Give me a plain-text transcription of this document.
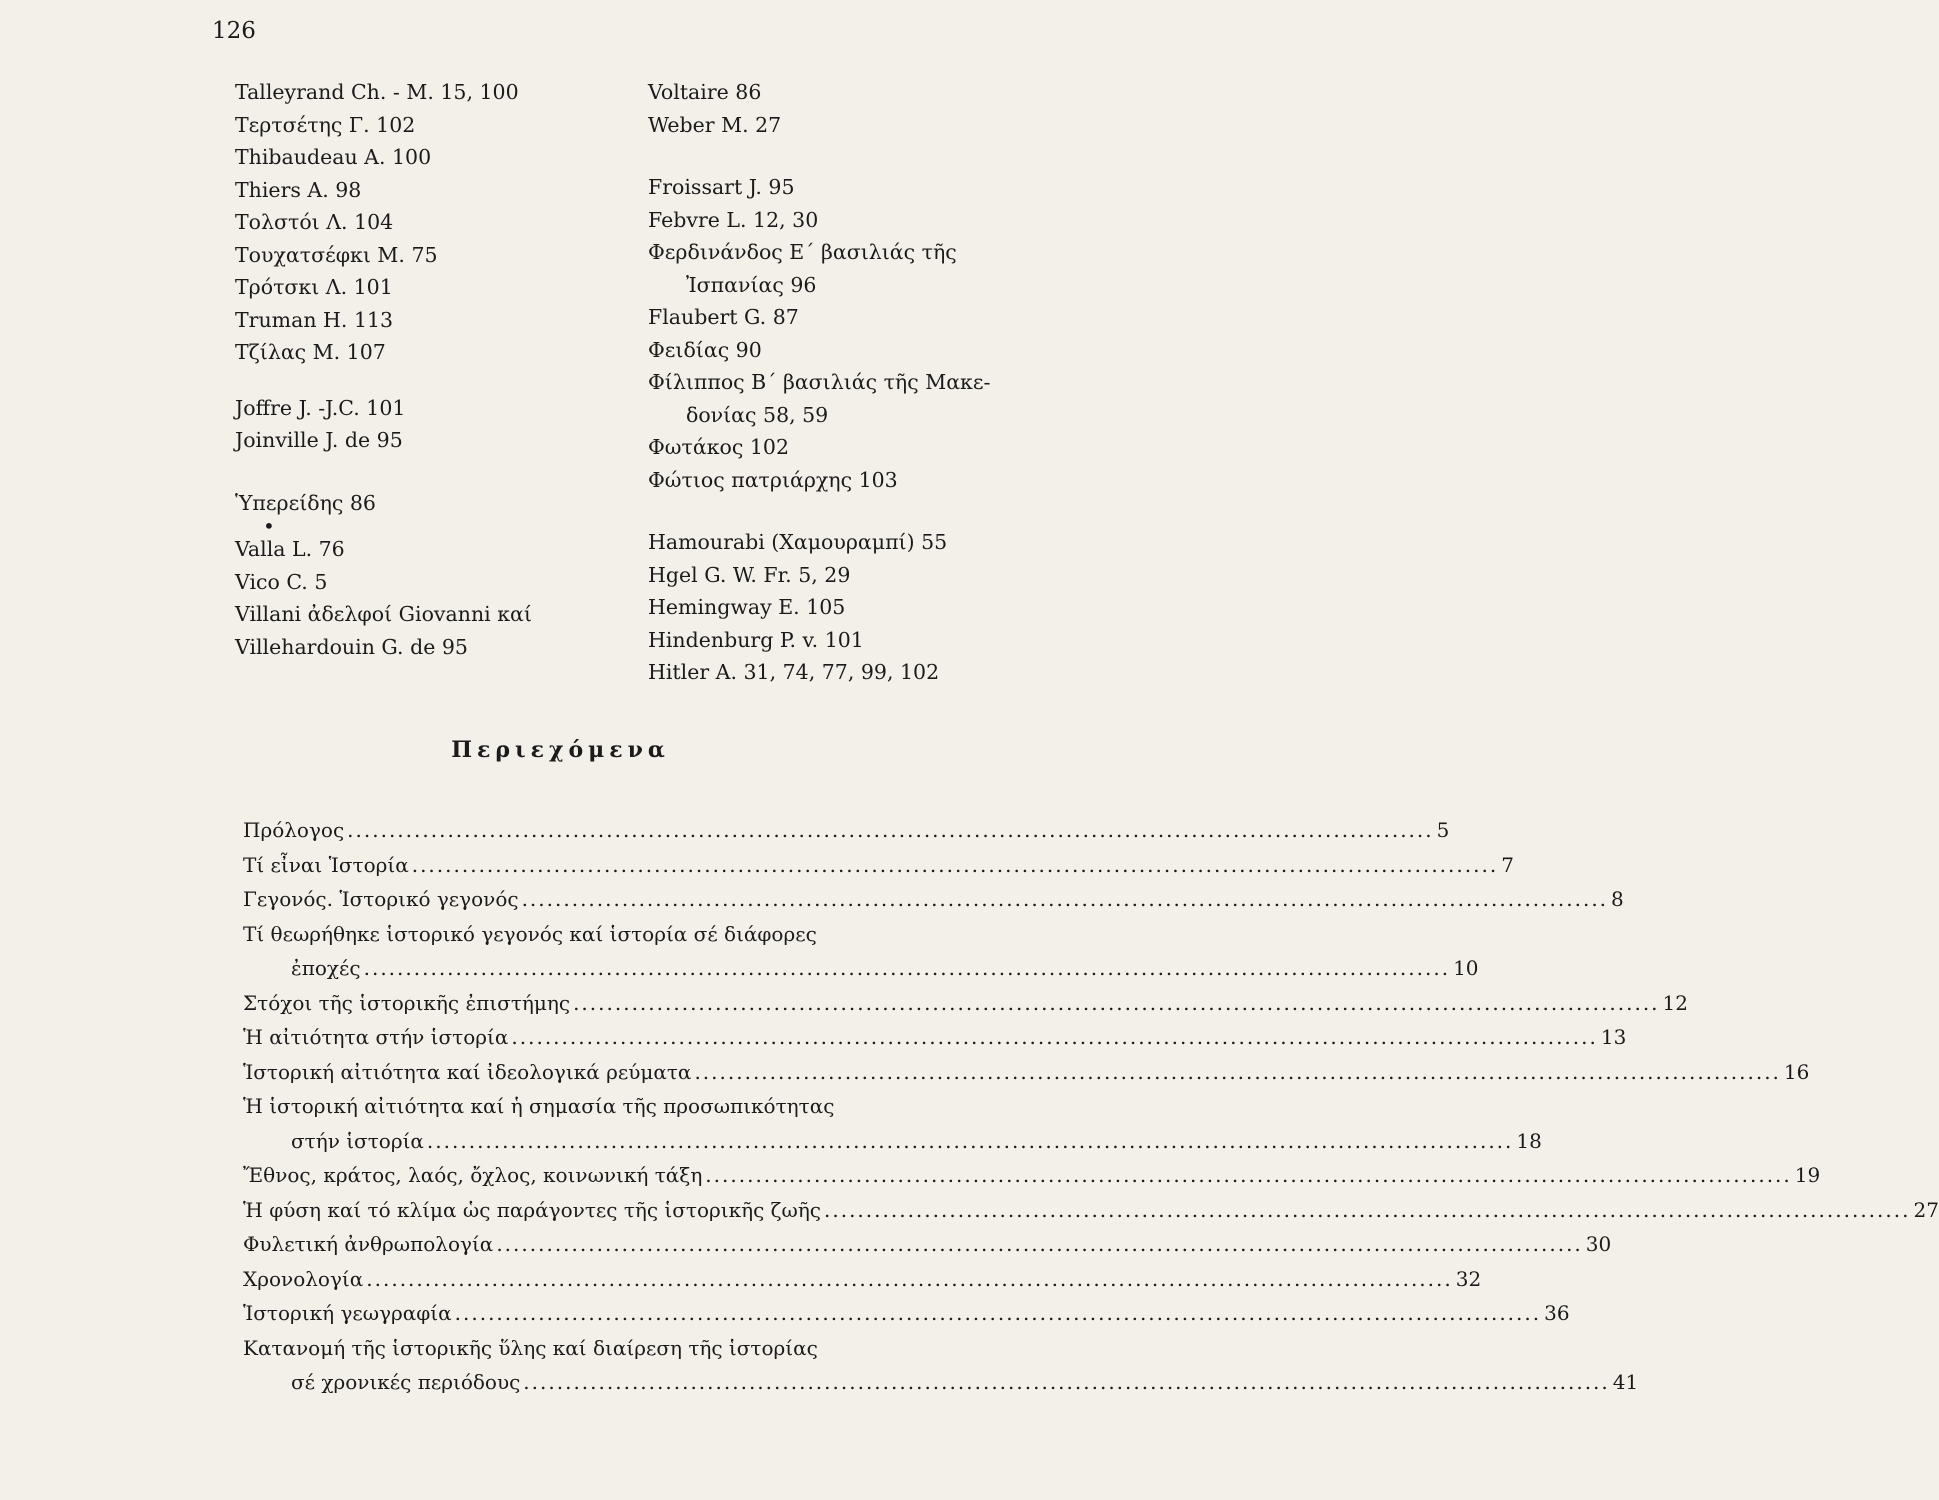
126
Talleyrand Ch. - M. 15, 100
Τερτσέτης Γ. 102
Thibaudeau A. 100
Thiers A. 98
Τολστόι Λ. 104
Τουχατσέφκι Μ. 75
Τρότσκι Λ. 101
Truman H. 113
Τζίλας Μ. 107
Joffre J. -J.C. 101
Joinville J. de 95
Ὑπερείδης 86
•
Valla L. 76
Vico C. 5
Villani ἀδελφοί Giovanni καί
Villehardouin G. de 95
Voltaire 86
Weber M. 27
Froissart J. 95
Febvre L. 12, 30
Φερδινάνδος Ε΄ βασιλιάς τῆς
Ἰσπανίας 96
Flaubert G. 87
Φειδίας 90
Φίλιππος Β΄ βασιλιάς τῆς Μακε-
δονίας 58, 59
Φωτάκος 102
Φώτιος πατριάρχης 103
Hamourabi (Χαμουραμπί) 55
Hgel G. W. Fr. 5, 29
Hemingway E. 105
Hindenburg P. v. 101
Hitler A. 31, 74, 77, 99, 102
Περιεχόμενα
Πρόλογος .................................................................................................................................. 5
Τί εἶναι Ἱστορία .................................................................................................................................. 7
Γεγονός. Ἱστορικό γεγονός .................................................................................................................................. 8
Τί θεωρήθηκε ἱστορικό γεγονός καί ἱστορία σέ διάφορες
ἐποχές .................................................................................................................................. 10
Στόχοι τῆς ἱστορικῆς ἐπιστήμης .................................................................................................................................. 12
Ἡ αἰτιότητα στήν ἱστορία .................................................................................................................................. 13
Ἱστορική αἰτιότητα καί ἰδεολογικά ρεύματα .................................................................................................................................. 16
Ἡ ἱστορική αἰτιότητα καί ἡ σημασία τῆς προσωπικότητας
στήν ἱστορία .................................................................................................................................. 18
Ἔθνος, κράτος, λαός, ὄχλος, κοινωνική τάξη .................................................................................................................................. 19
Ἡ φύση καί τό κλίμα ὡς παράγοντες τῆς ἱστορικῆς ζωῆς .................................................................................................................................. 27
Φυλετική ἀνθρωπολογία .................................................................................................................................. 30
Χρονολογία .................................................................................................................................. 32
Ἱστορική γεωγραφία .................................................................................................................................. 36
Κατανομή τῆς ἱστορικῆς ὕλης καί διαίρεση τῆς ἱστορίας
σέ χρονικές περιόδους .................................................................................................................................. 41
